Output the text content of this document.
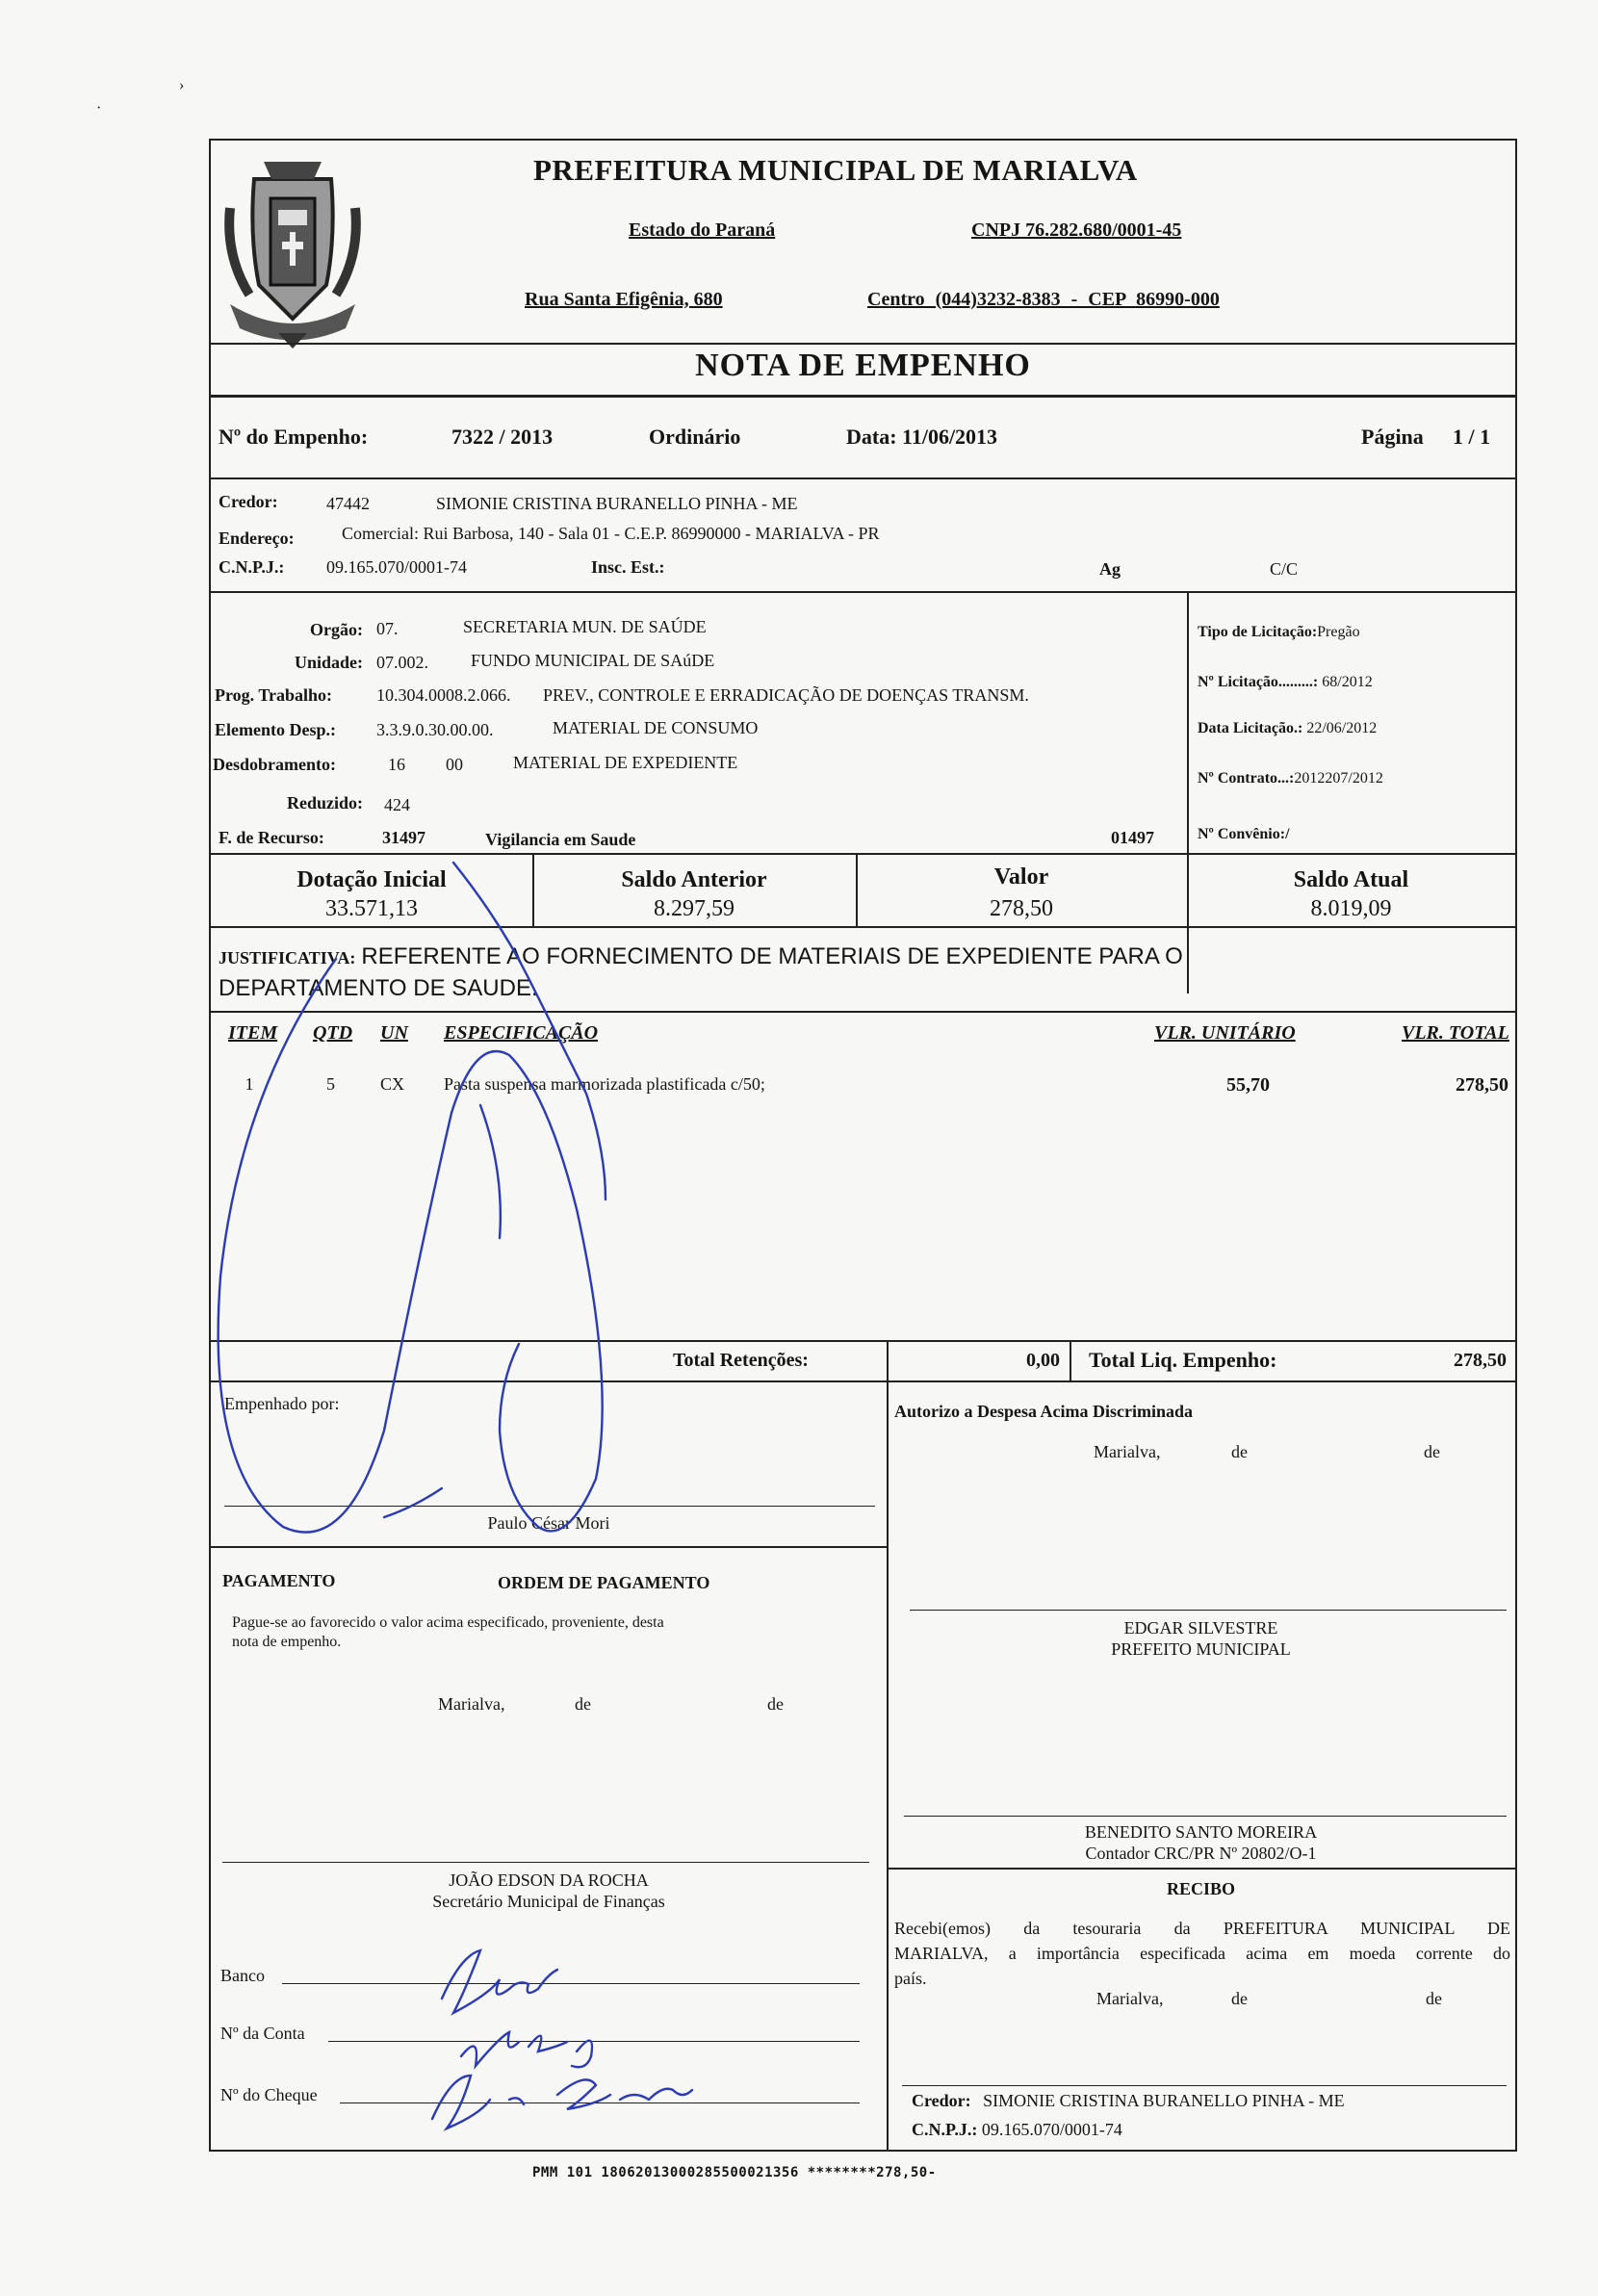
·
›
PREFEITURA MUNICIPAL DE MARIALVA
Estado do Paraná	CNPJ 76.282.680/0001-45
Rua Santa Efigênia, 680	Centro (044)3232-8383 - CEP 86990-000
NOTA DE EMPENHO
Nº do Empenho:	7322 / 2013	Ordinário	Data: 11/06/2013	Página 1 / 1
Credor:	47442	SIMONIE CRISTINA BURANELLO PINHA - ME
Endereço:	Comercial: Rui Barbosa, 140 - Sala 01 - C.E.P. 86990000 - MARIALVA - PR
C.N.P.J.: 09.165.070/0001-74	Insc. Est.:	Ag	C/C
Orgão: 07.	SECRETARIA MUN. DE SAÚDE
Unidade: 07.002. FUNDO MUNICIPAL DE SAúDE
Prog. Trabalho:	10.304.0008.2.066. PREV., CONTROLE E ERRADICAÇÃO DE DOENÇAS TRANSM.
Elemento Desp.: 3.3.9.0.30.00.00.	MATERIAL DE CONSUMO
Desdobramento:	16 00	MATERIAL DE EXPEDIENTE
Reduzido: 424
F. de Recurso:	31497	Vigilancia em Saude	01497
Tipo de Licitação:Pregão
Nº Licitação.........: 68/2012
Data Licitação.: 22/06/2012
Nº Contrato...:2012207/2012
Nº Convênio:/
Dotação Inicial
33.571,13
Saldo Anterior
8.297,59
Valor
278,50
Saldo Atual
8.019,09
JUSTIFICATIVA: REFERENTE AO FORNECIMENTO DE MATERIAIS DE EXPEDIENTE PARA O
DEPARTAMENTO DE SAUDE.
ITEM QTD UN ESPECIFICAÇÃO	VLR. UNITÁRIO	VLR. TOTAL
1	5	CX Pasta suspensa marmorizada plastificada c/50;	55,70	278,50
Total Retenções:	0,00 Total Liq. Empenho:	278,50
Empenhado por:
Paulo César Mori
Autorizo a Despesa Acima Discriminada
Marialva,	de	de
EDGAR SILVESTRE
PREFEITO MUNICIPAL
PAGAMENTO	ORDEM DE PAGAMENTO
Pague-se ao favorecido o valor acima especificado, proveniente, desta
nota de empenho.
Marialva,	de	de
JOÃO EDSON DA ROCHA
Secretário Municipal de Finanças
BENEDITO SANTO MOREIRA
Contador CRC/PR Nº 20802/O-1
RECIBO
Recebi(emos) da tesouraria da PREFEITURA MUNICIPAL DE
MARIALVA, a importância especificada acima em moeda corrente do
país.
Marialva,	de	de
Credor: SIMONIE CRISTINA BURANELLO PINHA - ME
C.N.P.J.: 09.165.070/0001-74
Banco
Nº da Conta
Nº do Cheque
PMM 101 18062013000285500021356 ********278,50-
